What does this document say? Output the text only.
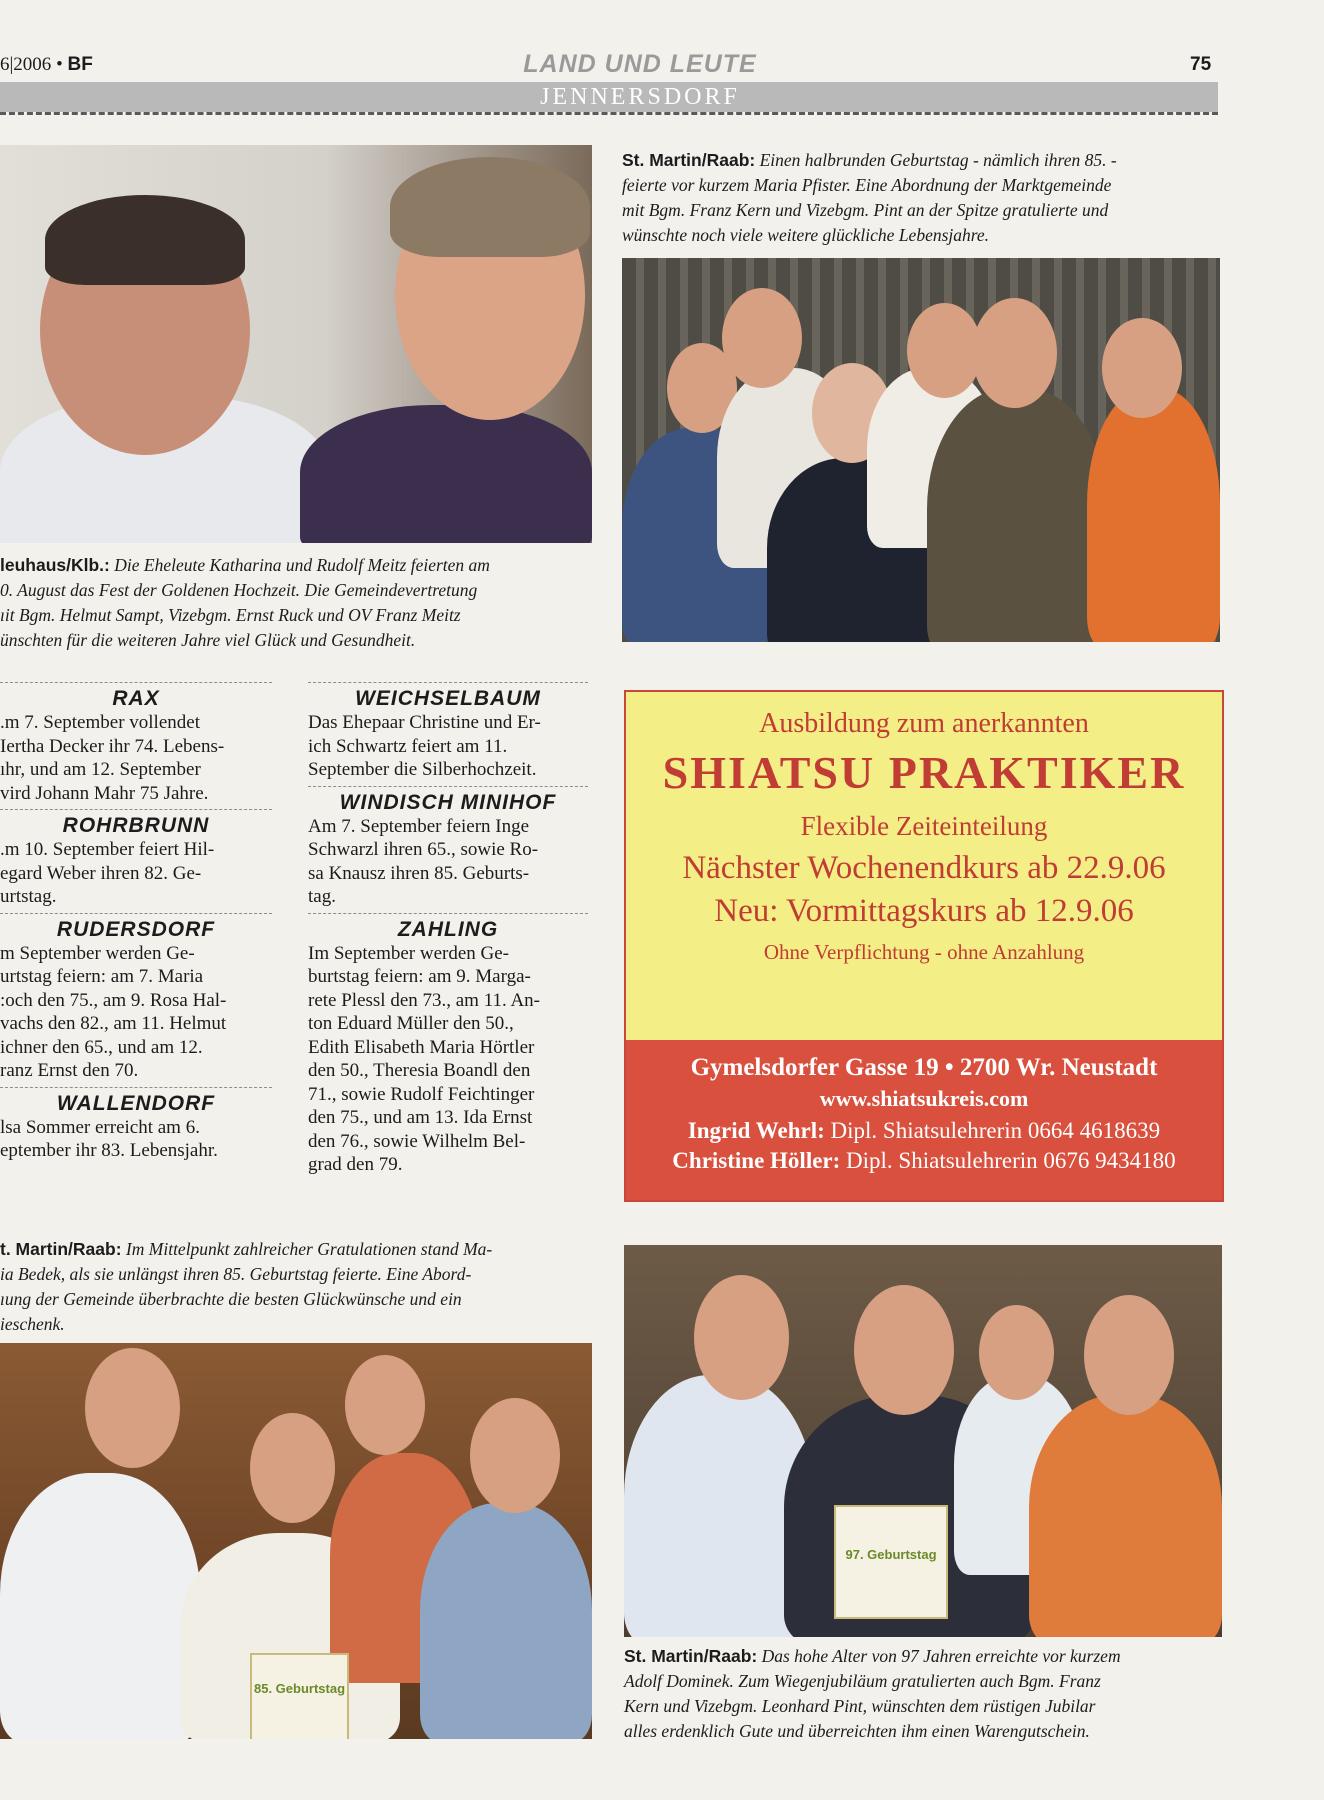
6|2006 • BF	LAND UND LEUTE	75
JENNERSDORF
St. Martin/Raab: Einen halbrunden Geburtstag - nämlich ihren 85. -
feierte vor kurzem Maria Pfister. Eine Abordnung der Marktgemeinde
mit Bgm. Franz Kern und Vizebgm. Pint an der Spitze gratulierte und
wünschte noch viele weitere glückliche Lebensjahre.
leuhaus/Klb.: Die Eheleute Katharina und Rudolf Meitz feierten am
0. August das Fest der Goldenen Hochzeit. Die Gemeindevertretung
ıit Bgm. Helmut Sampt, Vizebgm. Ernst Ruck und OV Franz Meitz
ünschten für die weiteren Jahre viel Glück und Gesundheit.
RAX
.m 7. September vollendet
Iertha Decker ihr 74. Lebens-
ıhr, und am 12. September
vird Johann Mahr 75 Jahre.
ROHRBRUNN
.m 10. September feiert Hil-
egard Weber ihren 82. Ge-
urtstag.
RUDERSDORF
m September werden Ge-
urtstag feiern: am 7. Maria
:och den 75., am 9. Rosa Hal-
vachs den 82., am 11. Helmut
ichner den 65., und am 12.
ranz Ernst den 70.
WALLENDORF
lsa Sommer erreicht am 6.
eptember ihr 83. Lebensjahr.
WEICHSELBAUM
Das Ehepaar Christine und Er-
ich Schwartz feiert am 11.
September die Silberhochzeit.
WINDISCH MINIHOF
Am 7. September feiern Inge
Schwarzl ihren 65., sowie Ro-
sa Knausz ihren 85. Geburts-
tag.
ZAHLING
Im September werden Ge-
burtstag feiern: am 9. Marga-
rete Plessl den 73., am 11. An-
ton Eduard Müller den 50.,
Edith Elisabeth Maria Hörtler
den 50., Theresia Boandl den
71., sowie Rudolf Feichtinger
den 75., und am 13. Ida Ernst
den 76., sowie Wilhelm Bel-
grad den 79.
Ausbildung zum anerkannten
SHIATSU PRAKTIKER
Flexible Zeiteinteilung
Nächster Wochenendkurs ab 22.9.06
Neu: Vormittagskurs ab 12.9.06
Ohne Verpflichtung - ohne Anzahlung
Gymelsdorfer Gasse 19 • 2700 Wr. Neustadt
www.shiatsukreis.com
Ingrid Wehrl: Dipl. Shiatsulehrerin 0664 4618639
Christine Höller: Dipl. Shiatsulehrerin 0676 9434180
t. Martin/Raab: Im Mittelpunkt zahlreicher Gratulationen stand Ma-
ia Bedek, als sie unlängst ihren 85. Geburtstag feierte. Eine Abord-
ıung der Gemeinde überbrachte die besten Glückwünsche und ein
ieschenk.
85. Geburtstag
97. Geburtstag
St. Martin/Raab: Das hohe Alter von 97 Jahren erreichte vor kurzem
Adolf Dominek. Zum Wiegenjubiläum gratulierten auch Bgm. Franz
Kern und Vizebgm. Leonhard Pint, wünschten dem rüstigen Jubilar
alles erdenklich Gute und überreichten ihm einen Warengutschein.
